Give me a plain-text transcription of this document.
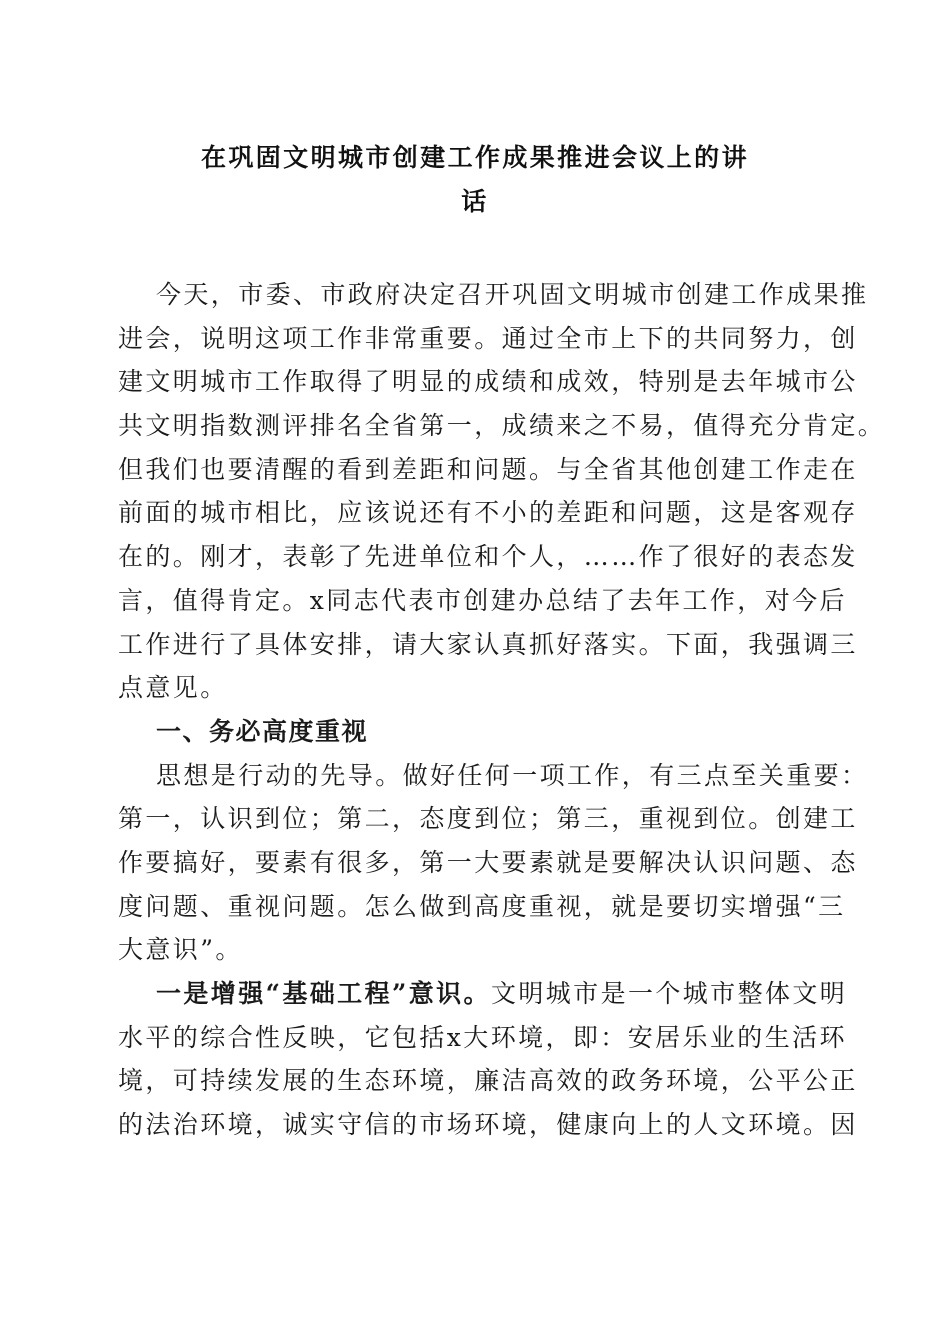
在巩固文明城市创建工作成果推进会议上的讲
话
今天，市委、市政府决定召开巩固文明城市创建工作成果推
进会，说明这项工作非常重要。通过全市上下的共同努力，创
建文明城市工作取得了明显的成绩和成效，特别是去年城市公
共文明指数测评排名全省第一，成绩来之不易，值得充分肯定。
但我们也要清醒的看到差距和问题。与全省其他创建工作走在
前面的城市相比，应该说还有不小的差距和问题，这是客观存
在的。刚才，表彰了先进单位和个人，……作了很好的表态发
言，值得肯定。x同志代表市创建办总结了去年工作，对今后
工作进行了具体安排，请大家认真抓好落实。下面，我强调三
点意见。
一、务必高度重视
思想是行动的先导。做好任何一项工作，有三点至关重要：
第一，认识到位；第二，态度到位；第三，重视到位。创建工
作要搞好，要素有很多，第一大要素就是要解决认识问题、态
度问题、重视问题。怎么做到高度重视，就是要切实增强“三
大意识”。
一是增强“基础工程”意识。文明城市是一个城市整体文明
水平的综合性反映，它包括x大环境，即：安居乐业的生活环
境，可持续发展的生态环境，廉洁高效的政务环境，公平公正
的法治环境，诚实守信的市场环境，健康向上的人文环境。因
